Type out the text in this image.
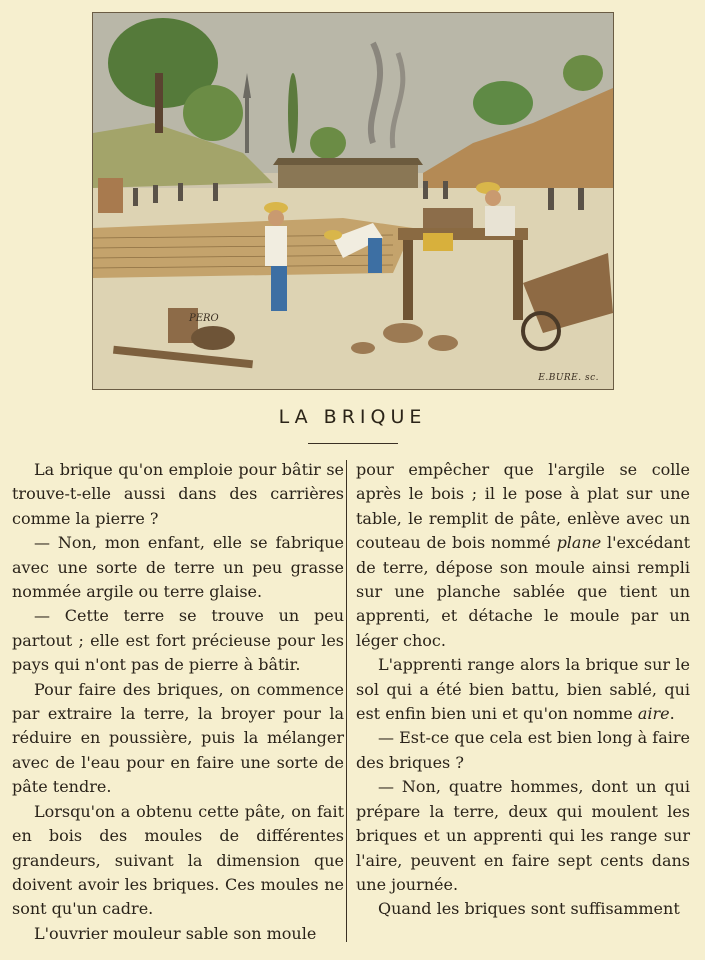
PERO
E.BURE. sc.
LA BRIQUE

La brique qu'on emploie pour bâtir se trouve-t-elle aussi dans des carrières comme la pierre ?

— Non, mon enfant, elle se fabrique avec une sorte de terre un peu grasse nommée argile ou terre glaise.

— Cette terre se trouve un peu partout ; elle est fort précieuse pour les pays qui n'ont pas de pierre à bâtir.

Pour faire des briques, on commence par extraire la terre, la broyer pour la réduire en poussière, puis la mélanger avec de l'eau pour en faire une sorte de pâte tendre.

Lorsqu'on a obtenu cette pâte, on fait en bois des moules de différentes grandeurs, suivant la dimension que doivent avoir les briques. Ces moules ne sont qu'un cadre.

L'ouvrier mouleur sable son moule

pour empêcher que l'argile se colle après le bois ; il le pose à plat sur une table, le remplit de pâte, enlève avec un couteau de bois nommé plane l'excédant de terre, dépose son moule ainsi rempli sur une planche sablée que tient un apprenti, et détache le moule par un léger choc.

L'apprenti range alors la brique sur le sol qui a été bien battu, bien sablé, qui est enfin bien uni et qu'on nomme aire.

— Est-ce que cela est bien long à faire des briques ?

— Non, quatre hommes, dont un qui prépare la terre, deux qui moulent les briques et un apprenti qui les range sur l'aire, peuvent en faire sept cents dans une journée.

Quand les briques sont suffisamment
